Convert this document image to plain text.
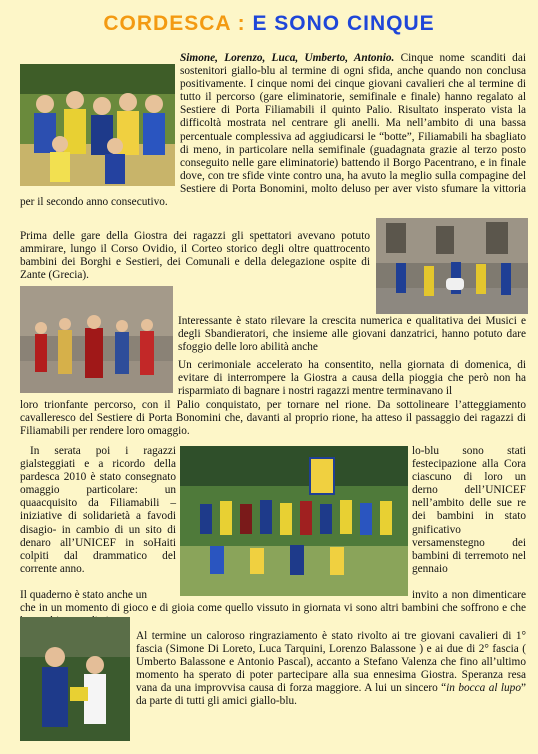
CORDESCA : E SONO CINQUE

Simone, Lorenzo, Luca, Umberto, Antonio. Cinque nome scanditi dai sostenitori giallo-blu al termine di ogni sfida, anche quando non conclusa positivamente. I cinque nomi dei cinque giovani cavalieri che al termine di tutto il percorso (gare eliminatorie, semifinale e finale) hanno regalato al Sestiere di Porta Filiamabili il quinto Palio. Risultato insperato vista la difficoltà mostrata nel centrare gli anelli. Ma nell’ambito di una bassa percentuale complessiva ad aggiudicarsi le “botte”, Filiamabili ha sbagliato di meno, in particolare nella semifinale (guadagnata grazie al terzo posto conseguito nelle gare eliminatorie) battendo il Borgo Pacentrano, e in finale dove, con tre sfide vinte contro una, ha avuto la meglio sulla compagine del Sestiere di Porta Bonomini, molto deluso per aver visto sfumare la vittoria per il secondo anno consecutivo.

Prima delle gare della Giostra dei ragazzi gli spettatori avevano potuto ammirare, lungo il Corso Ovidio, il Corteo storico degli oltre quattrocento bambini dei Borghi e Sestieri, dei Comunali e della delegazione ospite di Zante (Grecia).

Interessante è stato rilevare la crescita numerica e qualitativa dei Musici e degli Sbandieratori, che insieme alle giovani danzatrici, hanno potuto dare sfoggio delle loro abilità anche

Un cerimoniale accelerato ha consentito, nella giornata di domenica, di evitare di interrompere la Giostra a causa della pioggia che però non ha risparmiato di bagnare i nostri ragazzi mentre terminavano il

loro trionfante percorso, con il Palio conquistato, per tornare nel rione. Da sottolineare l’atteggiamento cavalleresco del Sestiere di Porta Bonomini che, davanti al proprio rione, ha atteso il passaggio dei ragazzi di Filiamabili per rendere loro omaggio.

In serata poi i ragazzi gialsteggiati e a ricordo della pardesca 2010 è stato consegnato omaggio particolare: un quaacquisito da Filiamabili – iniziative di solidarietà a favodi disagio- in cambio di un sito di denaro all’UNICEF in soHaiti colpiti dal drammatico del corrente anno.

Il quaderno è stato anche un

lo-blu sono stati festecipazione alla Cora ciascuno di loro un derno dell’UNICEF nell’ambito delle sue re dei bambini in stato gnificativo versamenstegno dei bambini di terremoto nel gennaio

invito a non dimenticare che in un momento di gioco e di gioia come quello vissuto in giornata vi sono altri bambini che soffrono e che

Al termine un caloroso ringraziamento è stato rivolto ai tre giovani cavalieri di 1° fascia (Simone Di Loreto, Luca Tarquini, Lorenzo Balassone ) e ai due di 2° fascia ( Umberto Balassone e Antonio Pascal), accanto a Stefano Valenza che fino all’ultimo momento ha sperato di poter partecipare alla sua ennesima Giostra. Speranza resa vana da una improvvisa causa di forza maggiore. A lui un sincero “in bocca al lupo” da parte di tutti gli amici giallo-blu.
